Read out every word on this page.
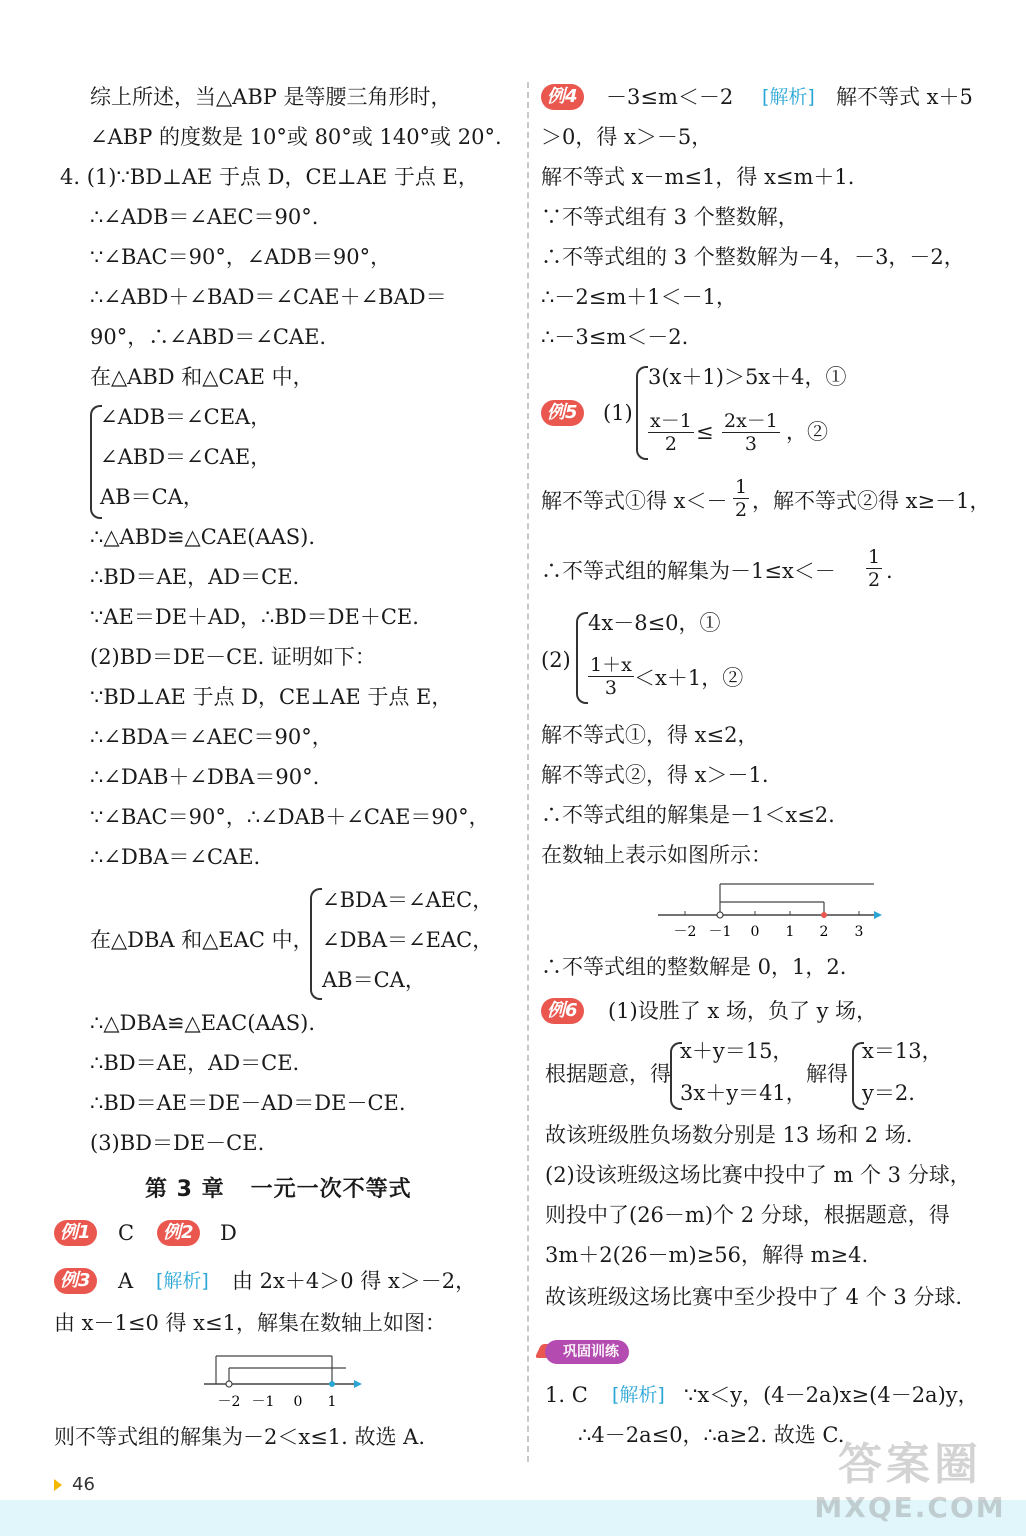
综上所述，当△ABP 是等腰三角形时，
∠ABP 的度数是 10°或 80°或 140°或 20°.
4. (1)∵BD⊥AE 于点 D，CE⊥AE 于点 E，
∴∠ADB＝∠AEC＝90°.
∵∠BAC＝90°，∠ADB＝90°，
∴∠ABD＋∠BAD＝∠CAE＋∠BAD＝
90°，∴∠ABD＝∠CAE.
在△ABD 和△CAE 中，
∠ADB＝∠CEA，
∠ABD＝∠CAE，
AB＝CA，
∴△ABD≌△CAE(AAS).
∴BD＝AE，AD＝CE.
∵AE＝DE＋AD，∴BD＝DE＋CE.
(2)BD＝DE－CE. 证明如下：
∵BD⊥AE 于点 D，CE⊥AE 于点 E，
∴∠BDA＝∠AEC＝90°，
∴∠DAB＋∠DBA＝90°.
∵∠BAC＝90°，∴∠DAB＋∠CAE＝90°，
∴∠DBA＝∠CAE.
在△DBA 和△EAC 中，
∠BDA＝∠AEC，
∠DBA＝∠EAC，
AB＝CA，
∴△DBA≌△EAC(AAS).
∴BD＝AE，AD＝CE.
∴BD＝AE＝DE－AD＝DE－CE.
(3)BD＝DE－CE.
第 3 章 一元一次不等式
例1 C	例2 D
例3 A [解析] 由 2x＋4＞0 得 x＞－2，
由 x－1≤0 得 x≤1，解集在数轴上如图：
－2 －1 0 1
则不等式组的解集为－2＜x≤1. 故选 A.
例4 －3≤m＜－2 [解析] 解不等式 x＋5
＞0，得 x＞－5，
解不等式 x－m≤1，得 x≤m＋1.
∵不等式组有 3 个整数解，
∴不等式组的 3 个整数解为－4，－3，－2，
∴－2≤m＋1＜－1，
∴－3≤m＜－2.
例5 (1)
3(x＋1)＞5x＋4，①
$\frac{x-1}{2} \le \frac{2x-1}{3}$ ，②
解不等式①得 $x<- \frac{1}{2}$ ，解不等式②得 x≥－1，
∴不等式组的解集为$-1\le x<- \frac{1}{2}$ .
(2)
4x－8≤0，①
$\frac{1+x}{3} <x+1$，②
解不等式①，得 x≤2，
解不等式②，得 x＞－1.
∴不等式组的解集是－1＜x≤2.
在数轴上表示如图所示：
－2 －1 0 1 2 3
∴不等式组的整数解是 0，1，2.
例6 (1)设胜了 x 场，负了 y 场，
根据题意，得
x＋y＝15，
3x＋y＝41，
解得
x＝13，
y＝2.
故该班级胜负场数分别是 13 场和 2 场.
(2)设该班级这场比赛中投中了 m 个 3 分球，
则投中了(26－m)个 2 分球，根据题意，得
3m＋2(26－m)≥56，解得 m≥4.
故该班级这场比赛中至少投中了 4 个 3 分球.
巩固训练
1. C [解析] ∵x＜y，(4－2a)x≥(4－2a)y，
∴4－2a≤0，∴a≥2. 故选 C.
46	答案圈
MXQE.COM
